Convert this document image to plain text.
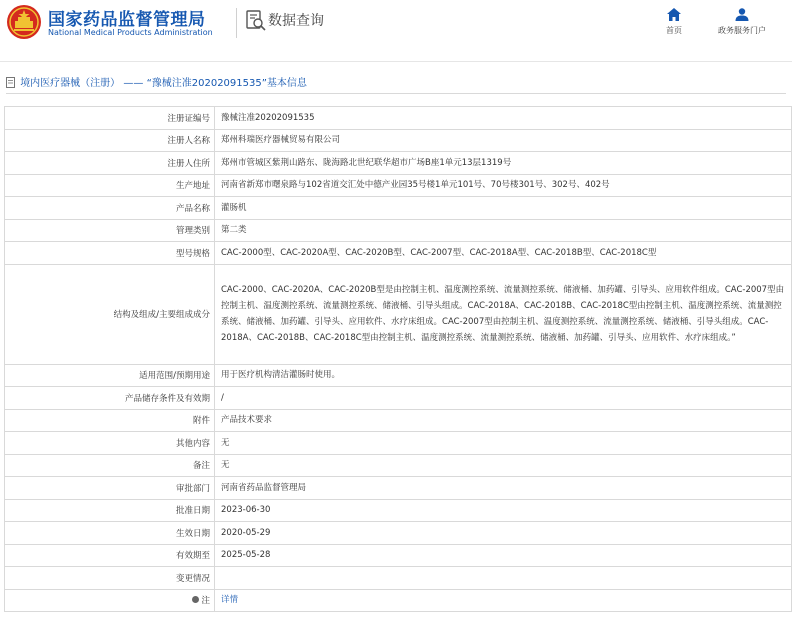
国家药品监督管理局
National Medical Products Administration
数据查询
首页	政务服务门户
境内医疗器械（注册） —— “豫械注准20202091535”基本信息
注册证编号	豫械注准20202091535
注册人名称	郑州科瑞医疗器械贸易有限公司
注册人住所	郑州市管城区紫荆山路东、陇海路北世纪联华超市广场B座1单元13层1319号
生产地址	河南省新郑市曙泉路与102省道交汇处中德产业园35号楼1单元101号、70号楼301号、302号、402号
产品名称	灌肠机
管理类别	第二类
型号规格	CAC-2000型、CAC-2020A型、CAC-2020B型、CAC-2007型、CAC-2018A型、CAC-2018B型、CAC-2018C型
结构及组成/主要组成成分	CAC-2000、CAC-2020A、CAC-2020B型是由控制主机、温度测控系统、流量测控系统、储液桶、加药罐、引导头、应用软件组成。CAC-2007型由控制主机、温度测控系统、流量测控系统、储液桶、引导头组成。CAC-2018A、CAC-2018B、CAC-2018C型由控制主机、温度测控系统、流量测控系统、储液桶、加药罐、引导头、应用软件、水疗床组成。CAC-2007型由控制主机、温度测控系统、流量测控系统、储液桶、引导头组成。CAC-2018A、CAC-2018B、CAC-2018C型由控制主机、温度测控系统、流量测控系统、储液桶、加药罐、引导头、应用软件、水疗床组成。”
适用范围/预期用途	用于医疗机构清洁灌肠时使用。
产品储存条件及有效期	/
附件	产品技术要求
其他内容	无
备注	无
审批部门	河南省药品监督管理局
批准日期	2023-06-30
生效日期	2020-05-29
有效期至	2025-05-28
变更情况	
注	详情
